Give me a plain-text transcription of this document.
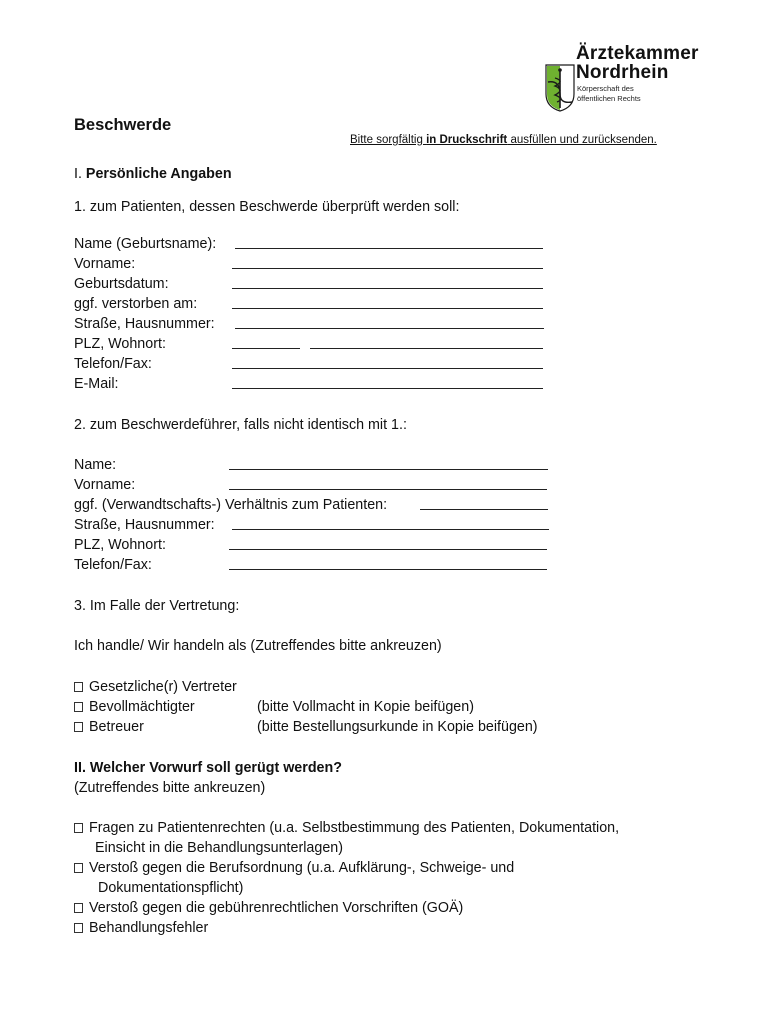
Ärztekammer
Nordrhein
Körperschaft des
öffentlichen Rechts
Beschwerde
Bitte sorgfältig in Druckschrift ausfüllen und zurücksenden.
I. Persönliche Angaben
1. zum Patienten, dessen Beschwerde überprüft werden soll:
Name (Geburtsname):
Vorname:
Geburtsdatum:
ggf. verstorben am:
Straße, Hausnummer:
PLZ, Wohnort:
Telefon/Fax:
E-Mail:
2. zum Beschwerdeführer, falls nicht identisch mit 1.:
Name:
Vorname:
ggf. (Verwandtschafts-) Verhältnis zum Patienten:
Straße, Hausnummer:
PLZ, Wohnort:
Telefon/Fax:
3. Im Falle der Vertretung:
Ich handle/ Wir handeln als (Zutreffendes bitte ankreuzen)
Gesetzliche(r) Vertreter
Bevollmächtigter	(bitte Vollmacht in Kopie beifügen)
Betreuer	(bitte Bestellungsurkunde in Kopie beifügen)
II. Welcher Vorwurf soll gerügt werden?
(Zutreffendes bitte ankreuzen)
Fragen zu Patientenrechten (u.a. Selbstbestimmung des Patienten, Dokumentation,
Einsicht in die Behandlungsunterlagen)
Verstoß gegen die Berufsordnung (u.a. Aufklärung-, Schweige- und
Dokumentationspflicht)
Verstoß gegen die gebührenrechtlichen Vorschriften (GOÄ)
Behandlungsfehler
